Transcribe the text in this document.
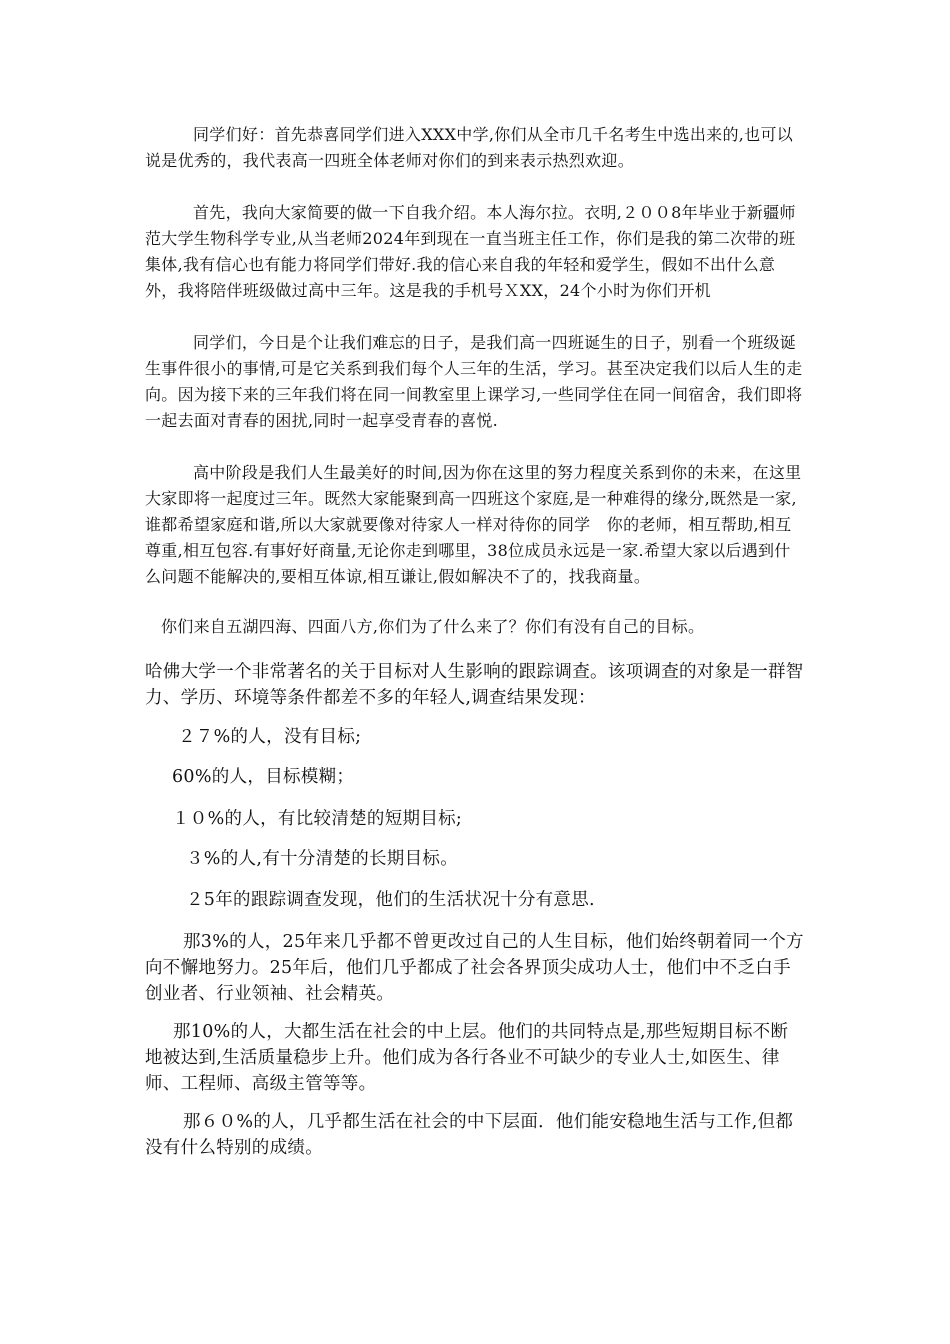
同学们好：首先恭喜同学们进入XXX中学,你们从全市几千名考生中选出来的,也可以说是优秀的，我代表高一四班全体老师对你们的到来表示热烈欢迎。

首先，我向大家简要的做一下自我介绍。本人海尔拉。衣明,２００8年毕业于新疆师范大学生物科学专业,从当老师2024年到现在一直当班主任工作，你们是我的第二次带的班集体,我有信心也有能力将同学们带好.我的信心来自我的年轻和爱学生，假如不出什么意外，我将陪伴班级做过高中三年。这是我的手机号ＸXX，24个小时为你们开机

同学们，今日是个让我们难忘的日子，是我们高一四班诞生的日子，别看一个班级诞生事件很小的事情,可是它关系到我们每个人三年的生活，学习。甚至决定我们以后人生的走向。因为接下来的三年我们将在同一间教室里上课学习,一些同学住在同一间宿舍，我们即将一起去面对青春的困扰,同时一起享受青春的喜悦.

高中阶段是我们人生最美好的时间,因为你在这里的努力程度关系到你的未来，在这里大家即将一起度过三年。既然大家能聚到高一四班这个家庭,是一种难得的缘分,既然是一家,谁都希望家庭和谐,所以大家就要像对待家人一样对待你的同学　你的老师，相互帮助,相互尊重,相互包容.有事好好商量,无论你走到哪里，38位成员永远是一家.希望大家以后遇到什么问题不能解决的,要相互体谅,相互谦让,假如解决不了的，找我商量。

你们来自五湖四海、四面八方,你们为了什么来了？你们有没有自己的目标。

哈佛大学一个非常著名的关于目标对人生影响的跟踪调查。该项调查的对象是一群智力、学历、环境等条件都差不多的年轻人,调查结果发现：

２７%的人，没有目标;

60%的人，目标模糊；

１０%的人，有比较清楚的短期目标;

３%的人,有十分清楚的长期目标。

２5年的跟踪调查发现，他们的生活状况十分有意思.

那3%的人，25年来几乎都不曾更改过自己的人生目标，他们始终朝着同一个方向不懈地努力。25年后，他们几乎都成了社会各界顶尖成功人士，他们中不乏白手创业者、行业领袖、社会精英。

那10%的人，大都生活在社会的中上层。他们的共同特点是,那些短期目标不断地被达到,生活质量稳步上升。他们成为各行各业不可缺少的专业人士,如医生、律师、工程师、高级主管等等。

那６０%的人，几乎都生活在社会的中下层面．他们能安稳地生活与工作,但都没有什么特别的成绩。
